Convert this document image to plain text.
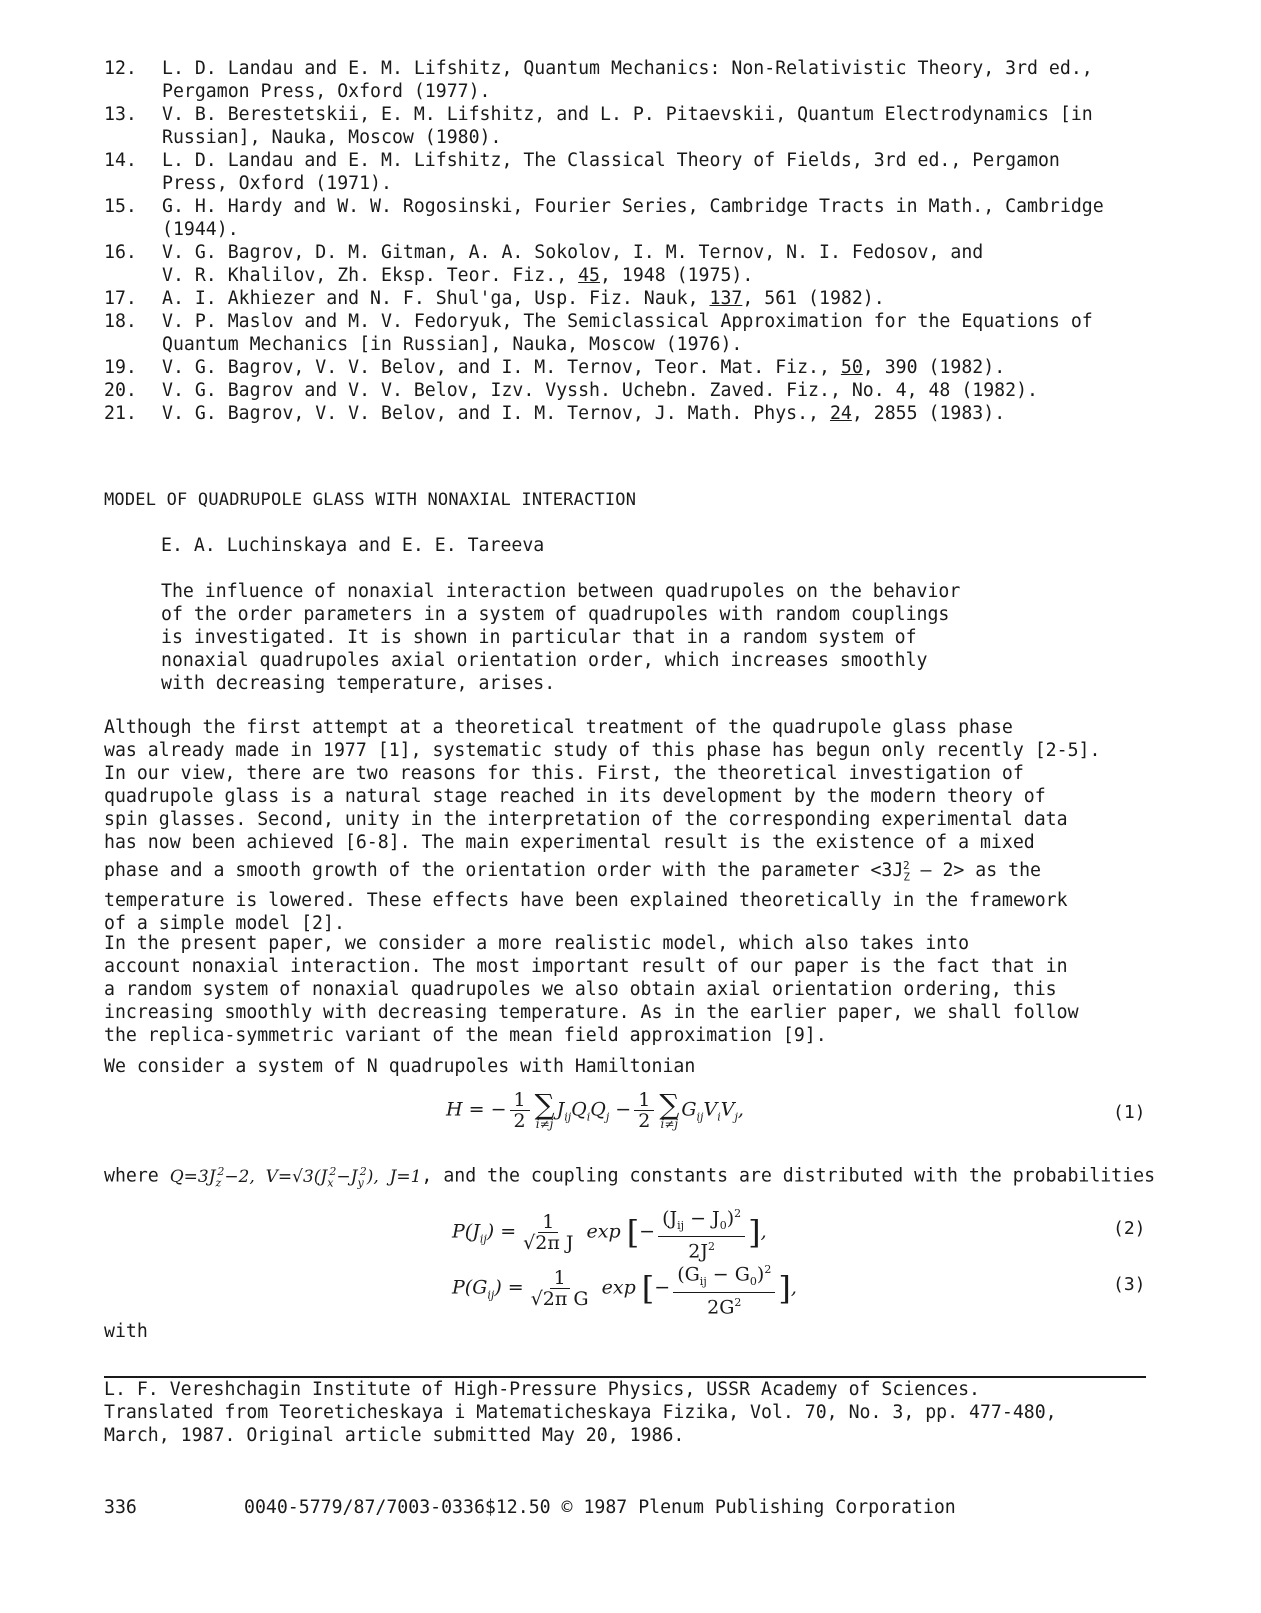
12.	L. D. Landau and E. M. Lifshitz, Quantum Mechanics: Non-Relativistic Theory, 3rd ed.,
Pergamon Press, Oxford (1977).
13.	V. B. Berestetskii, E. M. Lifshitz, and L. P. Pitaevskii, Quantum Electrodynamics [in
Russian], Nauka, Moscow (1980).
14.	L. D. Landau and E. M. Lifshitz, The Classical Theory of Fields, 3rd ed., Pergamon
Press, Oxford (1971).
15.	G. H. Hardy and W. W. Rogosinski, Fourier Series, Cambridge Tracts in Math., Cambridge
(1944).
16.	V. G. Bagrov, D. M. Gitman, A. A. Sokolov, I. M. Ternov, N. I. Fedosov, and
V. R. Khalilov, Zh. Eksp. Teor. Fiz., 45, 1948 (1975).
17.	A. I. Akhiezer and N. F. Shul'ga, Usp. Fiz. Nauk, 137, 561 (1982).
18.	V. P. Maslov and M. V. Fedoryuk, The Semiclassical Approximation for the Equations of
Quantum Mechanics [in Russian], Nauka, Moscow (1976).
19.	V. G. Bagrov, V. V. Belov, and I. M. Ternov, Teor. Mat. Fiz., 50, 390 (1982).
20.	V. G. Bagrov and V. V. Belov, Izv. Vyssh. Uchebn. Zaved. Fiz., No. 4, 48 (1982).
21.	V. G. Bagrov, V. V. Belov, and I. M. Ternov, J. Math. Phys., 24, 2855 (1983).
MODEL OF QUADRUPOLE GLASS WITH NONAXIAL INTERACTION
E. A. Luchinskaya and E. E. Tareeva
The influence of nonaxial interaction between quadrupoles on the behavior
of the order parameters in a system of quadrupoles with random couplings
is investigated. It is shown in particular that in a random system of
nonaxial quadrupoles axial orientation order, which increases smoothly
with decreasing temperature, arises.
Although the first attempt at a theoretical treatment of the quadrupole glass phase
was already made in 1977 [1], systematic study of this phase has begun only recently [2-5].
In our view, there are two reasons for this. First, the theoretical investigation of
quadrupole glass is a natural stage reached in its development by the modern theory of
spin glasses. Second, unity in the interpretation of the corresponding experimental data
has now been achieved [6-8]. The main experimental result is the existence of a mixed
phase and a smooth growth of the orientation order with the parameter $<3J_Z^2$ — 2> as the
temperature is lowered. These effects have been explained theoretically in the framework
of a simple model [2].
In the present paper, we consider a more realistic model, which also takes into
account nonaxial interaction. The most important result of our paper is the fact that in
a random system of nonaxial quadrupoles we also obtain axial orientation ordering, this
increasing smoothly with decreasing temperature. As in the earlier paper, we shall follow
the replica-symmetric variant of the mean field approximation [9].
We consider a system of N quadrupoles with Hamiltonian
H = − $\frac{1}{2}$ ∑
i≠j
$J_{ij}Q_iQ_j - \frac{1}{2}$ ∑
i≠j
$G_{ij}V_iV_j$,	(1)
where $Q=3J_z^2-2$,  $V=√3(J_x^2-J_y^2)$,  J=1, and the coupling constants are distributed with the probabilities
$P(J_{ij}) = \frac{1}{\text{√2π J}}$ exp [− $\frac{(J_{ij} - J_0)^2}{2J^2}$ ],	(2)
$P(G_{ij}) = \frac{1}{\text{√2π G}}$ exp [− $\frac{(G_{ij} - G_0)^2}{2G^2}$ ],	(3)
with
L. F. Vereshchagin Institute of High-Pressure Physics, USSR Academy of Sciences.
Translated from Teoreticheskaya i Matematicheskaya Fizika, Vol. 70, No. 3, pp. 477-480,
March, 1987. Original article submitted May 20, 1986.
336	0040-5779/87/7003-0336$12.50 © 1987 Plenum Publishing Corporation
